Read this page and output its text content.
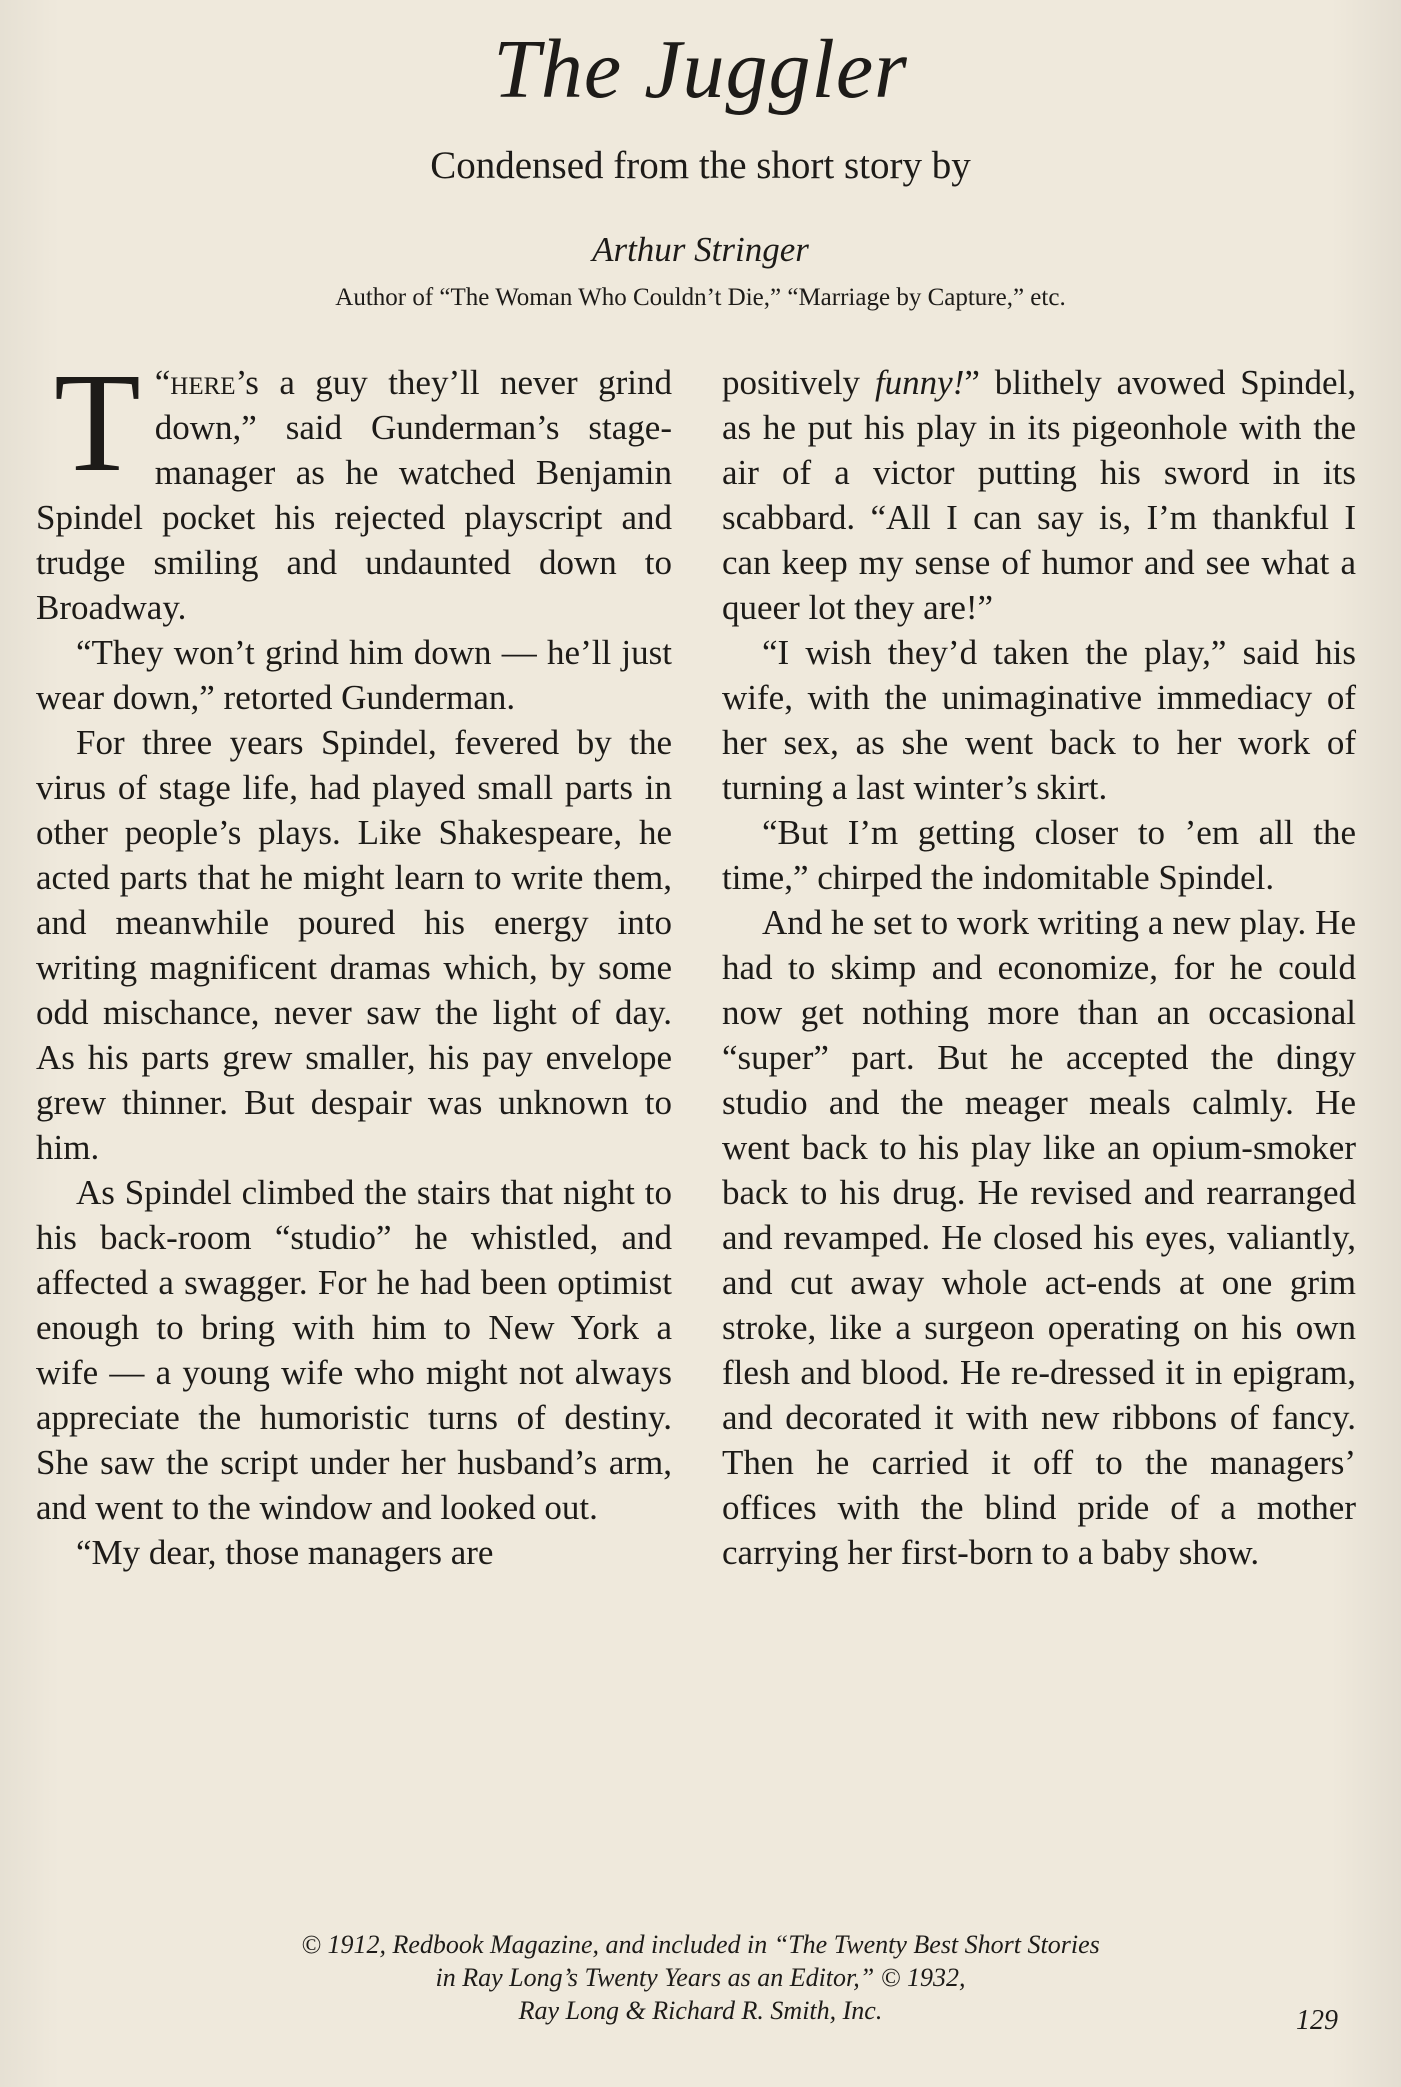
The Juggler
Condensed from the short story by
Arthur Stringer
Author of “The Woman Who Couldn’t Die,” “Marriage by Capture,” etc.

“
T here’s a guy they’ll never grind down,” said Gunderman’s stage-manager as he watched Benjamin Spindel pocket his rejected playscript and trudge smiling and undaunted down to Broadway.

“They won’t grind him down — he’ll just wear down,” retorted Gunderman.

For three years Spindel, fevered by the virus of stage life, had played small parts in other people’s plays. Like Shakespeare, he acted parts that he might learn to write them, and meanwhile poured his energy into writing magnificent dramas which, by some odd mischance, never saw the light of day. As his parts grew smaller, his pay envelope grew thinner. But despair was unknown to him.

As Spindel climbed the stairs that night to his back-room “studio” he whistled, and affected a swagger. For he had been optimist enough to bring with him to New York a wife — a young wife who might not always appreciate the humoristic turns of destiny. She saw the script under her husband’s arm, and went to the window and looked out.

“My dear, those managers are

positively funny!” blithely avowed Spindel, as he put his play in its pigeonhole with the air of a victor putting his sword in its scabbard. “All I can say is, I’m thankful I can keep my sense of humor and see what a queer lot they are!”

“I wish they’d taken the play,” said his wife, with the unimaginative immediacy of her sex, as she went back to her work of turning a last winter’s skirt.

“But I’m getting closer to ’em all the time,” chirped the indomitable Spindel.

And he set to work writing a new play. He had to skimp and economize, for he could now get nothing more than an occasional “super” part. But he accepted the dingy studio and the meager meals calmly. He went back to his play like an opium-smoker back to his drug. He revised and rearranged and revamped. He closed his eyes, valiantly, and cut away whole act-ends at one grim stroke, like a surgeon operating on his own flesh and blood. He re-dressed it in epigram, and decorated it with new ribbons of fancy. Then he carried it off to the managers’ offices with the blind pride of a mother carrying her first-born to a baby show.

© 1912, Redbook Magazine, and included in “The Twenty Best Short Stories
in Ray Long’s Twenty Years as an Editor,” © 1932,
Ray Long & Richard R. Smith, Inc.	129
